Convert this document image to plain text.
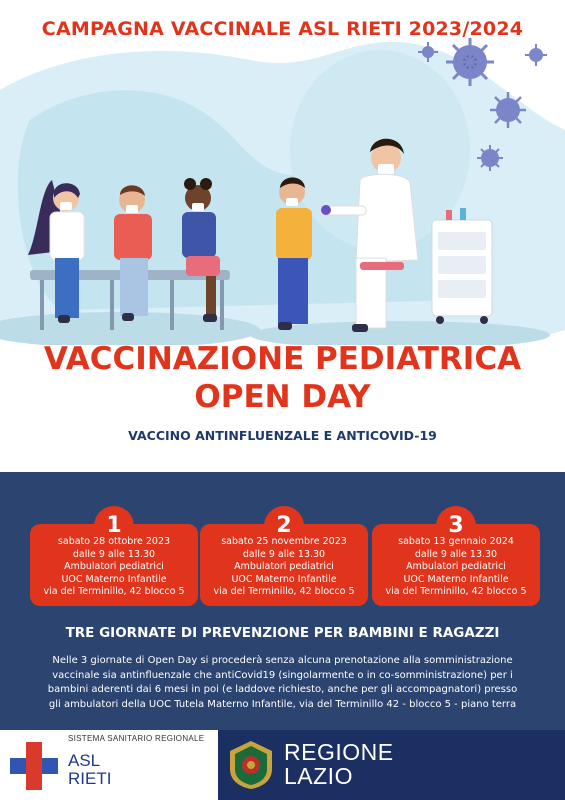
CAMPAGNA VACCINALE ASL RIETI 2023/2024
VACCINAZIONE PEDIATRICA
OPEN DAY
VACCINO ANTINFLUENZALE E ANTICOVID-19
1
sabato 28 ottobre 2023
dalle 9 alle 13.30
Ambulatori pediatrici
UOC Materno Infantile
via del Terminillo, 42 blocco 5
2
sabato 25 novembre 2023
dalle 9 alle 13.30
Ambulatori pediatrici
UOC Materno Infantile
via del Terminillo, 42 blocco 5
3
sabato 13 gennaio 2024
dalle 9 alle 13.30
Ambulatori pediatrici
UOC Materno Infantile
via del Terminillo, 42 blocco 5
TRE GIORNATE DI PREVENZIONE PER BAMBINI E RAGAZZI
Nelle 3 giornate di Open Day si procederà senza alcuna prenotazione alla somministrazione
vaccinale sia antinfluenzale che antiCovid19 (singolarmente o in co-somministrazione) per i
bambini aderenti dai 6 mesi in poi (e laddove richiesto, anche per gli accompagnatori) presso
gli ambulatori della UOC Tutela Materno Infantile, via del Terminillo 42 - blocco 5 - piano terra
SISTEMA SANITARIO REGIONALE
ASL
RIETI
REGIONE
LAZIO
